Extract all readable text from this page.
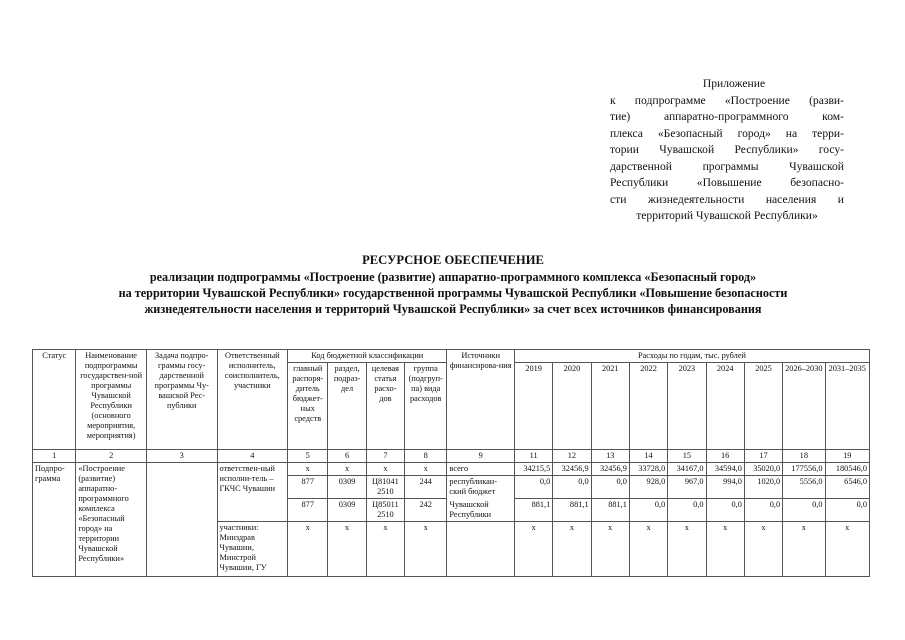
Приложение
к подпрограмме «Построение (разви-
тие) аппаратно-программного ком-
плекса «Безопасный город» на терри-
тории Чувашской Республики» госу-
дарственной программы Чувашской
Республики «Повышение безопасно-
сти жизнедеятельности населения и
территорий Чувашской Республики»
РЕСУРСНОЕ ОБЕСПЕЧЕНИЕ
реализации подпрограммы «Построение (развитие) аппаратно-программного комплекса «Безопасный город»
на территории Чувашской Республики» государственной программы Чувашской Республики «Повышение безопасности
жизнедеятельности населения и территорий Чувашской Республики» за счет всех источников финансирования
Статус	Наименование подпрограммы государствен-ной программы Чувашской Республики (основного мероприятия, мероприятия)	Задача подпро-граммы госу-дарственной программы Чу-вашской Рес-публики	Ответственный исполнитель, соисполнитель, участники	Код бюджетной классификации				Источники финансирова-ния	Расходы по годам, тыс. рублей								
				главный распоря-дитель бюджет-ных средств	раздел, подраз-дел	целевая статья расхо-дов	группа (подгруп-па) вида расходов		2019	2020	2021	2022	2023	2024	2025	2026–2030	2031–2035
1	2	3	4	5	6	7	8	9	11	12	13	14	15	16	17	18	19
Подпро-грамма	«Построение (развитие) аппаратно-программного комплекса «Безопасный город» на территории Чувашской Республики»		ответствен-ный исполни-тель – ГКЧС Чувашии	x	x	x	x	всего	34215,5	32456,9	32456,9	33728,0	34167,0	34594,0	35020,0	177556,0	180546,0
				877	0309	Ц81041 2510	244	республикан-ский бюджет	0,0	0,0	0,0	928,0	967,0	994,0	1020,0	5556,0	6546,0
				877	0309	Ц85011 2510	242	Чувашской Республики	881,1	881,1	881,1	0,0	0,0	0,0	0,0	0,0	0,0
			участники: Минздрав Чувашии, Минстрой Чувашии, ГУ	x	x	x	x		x	x	x	x	x	x	x	x	x
